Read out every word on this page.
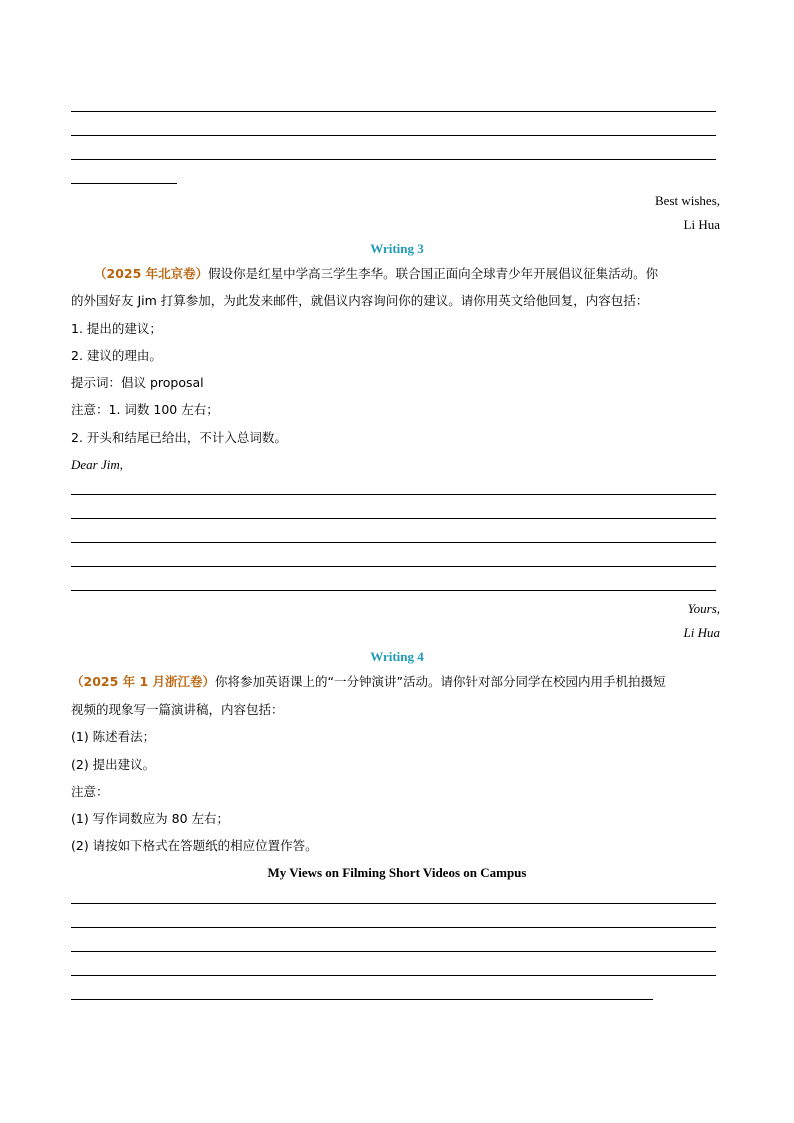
Best wishes,
Li Hua
Writing 3
（2025 年北京卷）假设你是红星中学高三学生李华。联合国正面向全球青少年开展倡议征集活动。你
的外国好友 Jim 打算参加，为此发来邮件，就倡议内容询问你的建议。请你用英文给他回复，内容包括：
1. 提出的建议；
2. 建议的理由。
提示词：倡议 proposal
注意：1. 词数 100 左右；
2. 开头和结尾已给出，不计入总词数。
Dear Jim,
Yours,
Li Hua
Writing 4
（2025 年 1 月浙江卷）你将参加英语课上的“一分钟演讲”活动。请你针对部分同学在校园内用手机拍摄短
视频的现象写一篇演讲稿，内容包括：
(1) 陈述看法；
(2) 提出建议。
注意：
(1) 写作词数应为 80 左右；
(2) 请按如下格式在答题纸的相应位置作答。
My Views on Filming Short Videos on Campus
